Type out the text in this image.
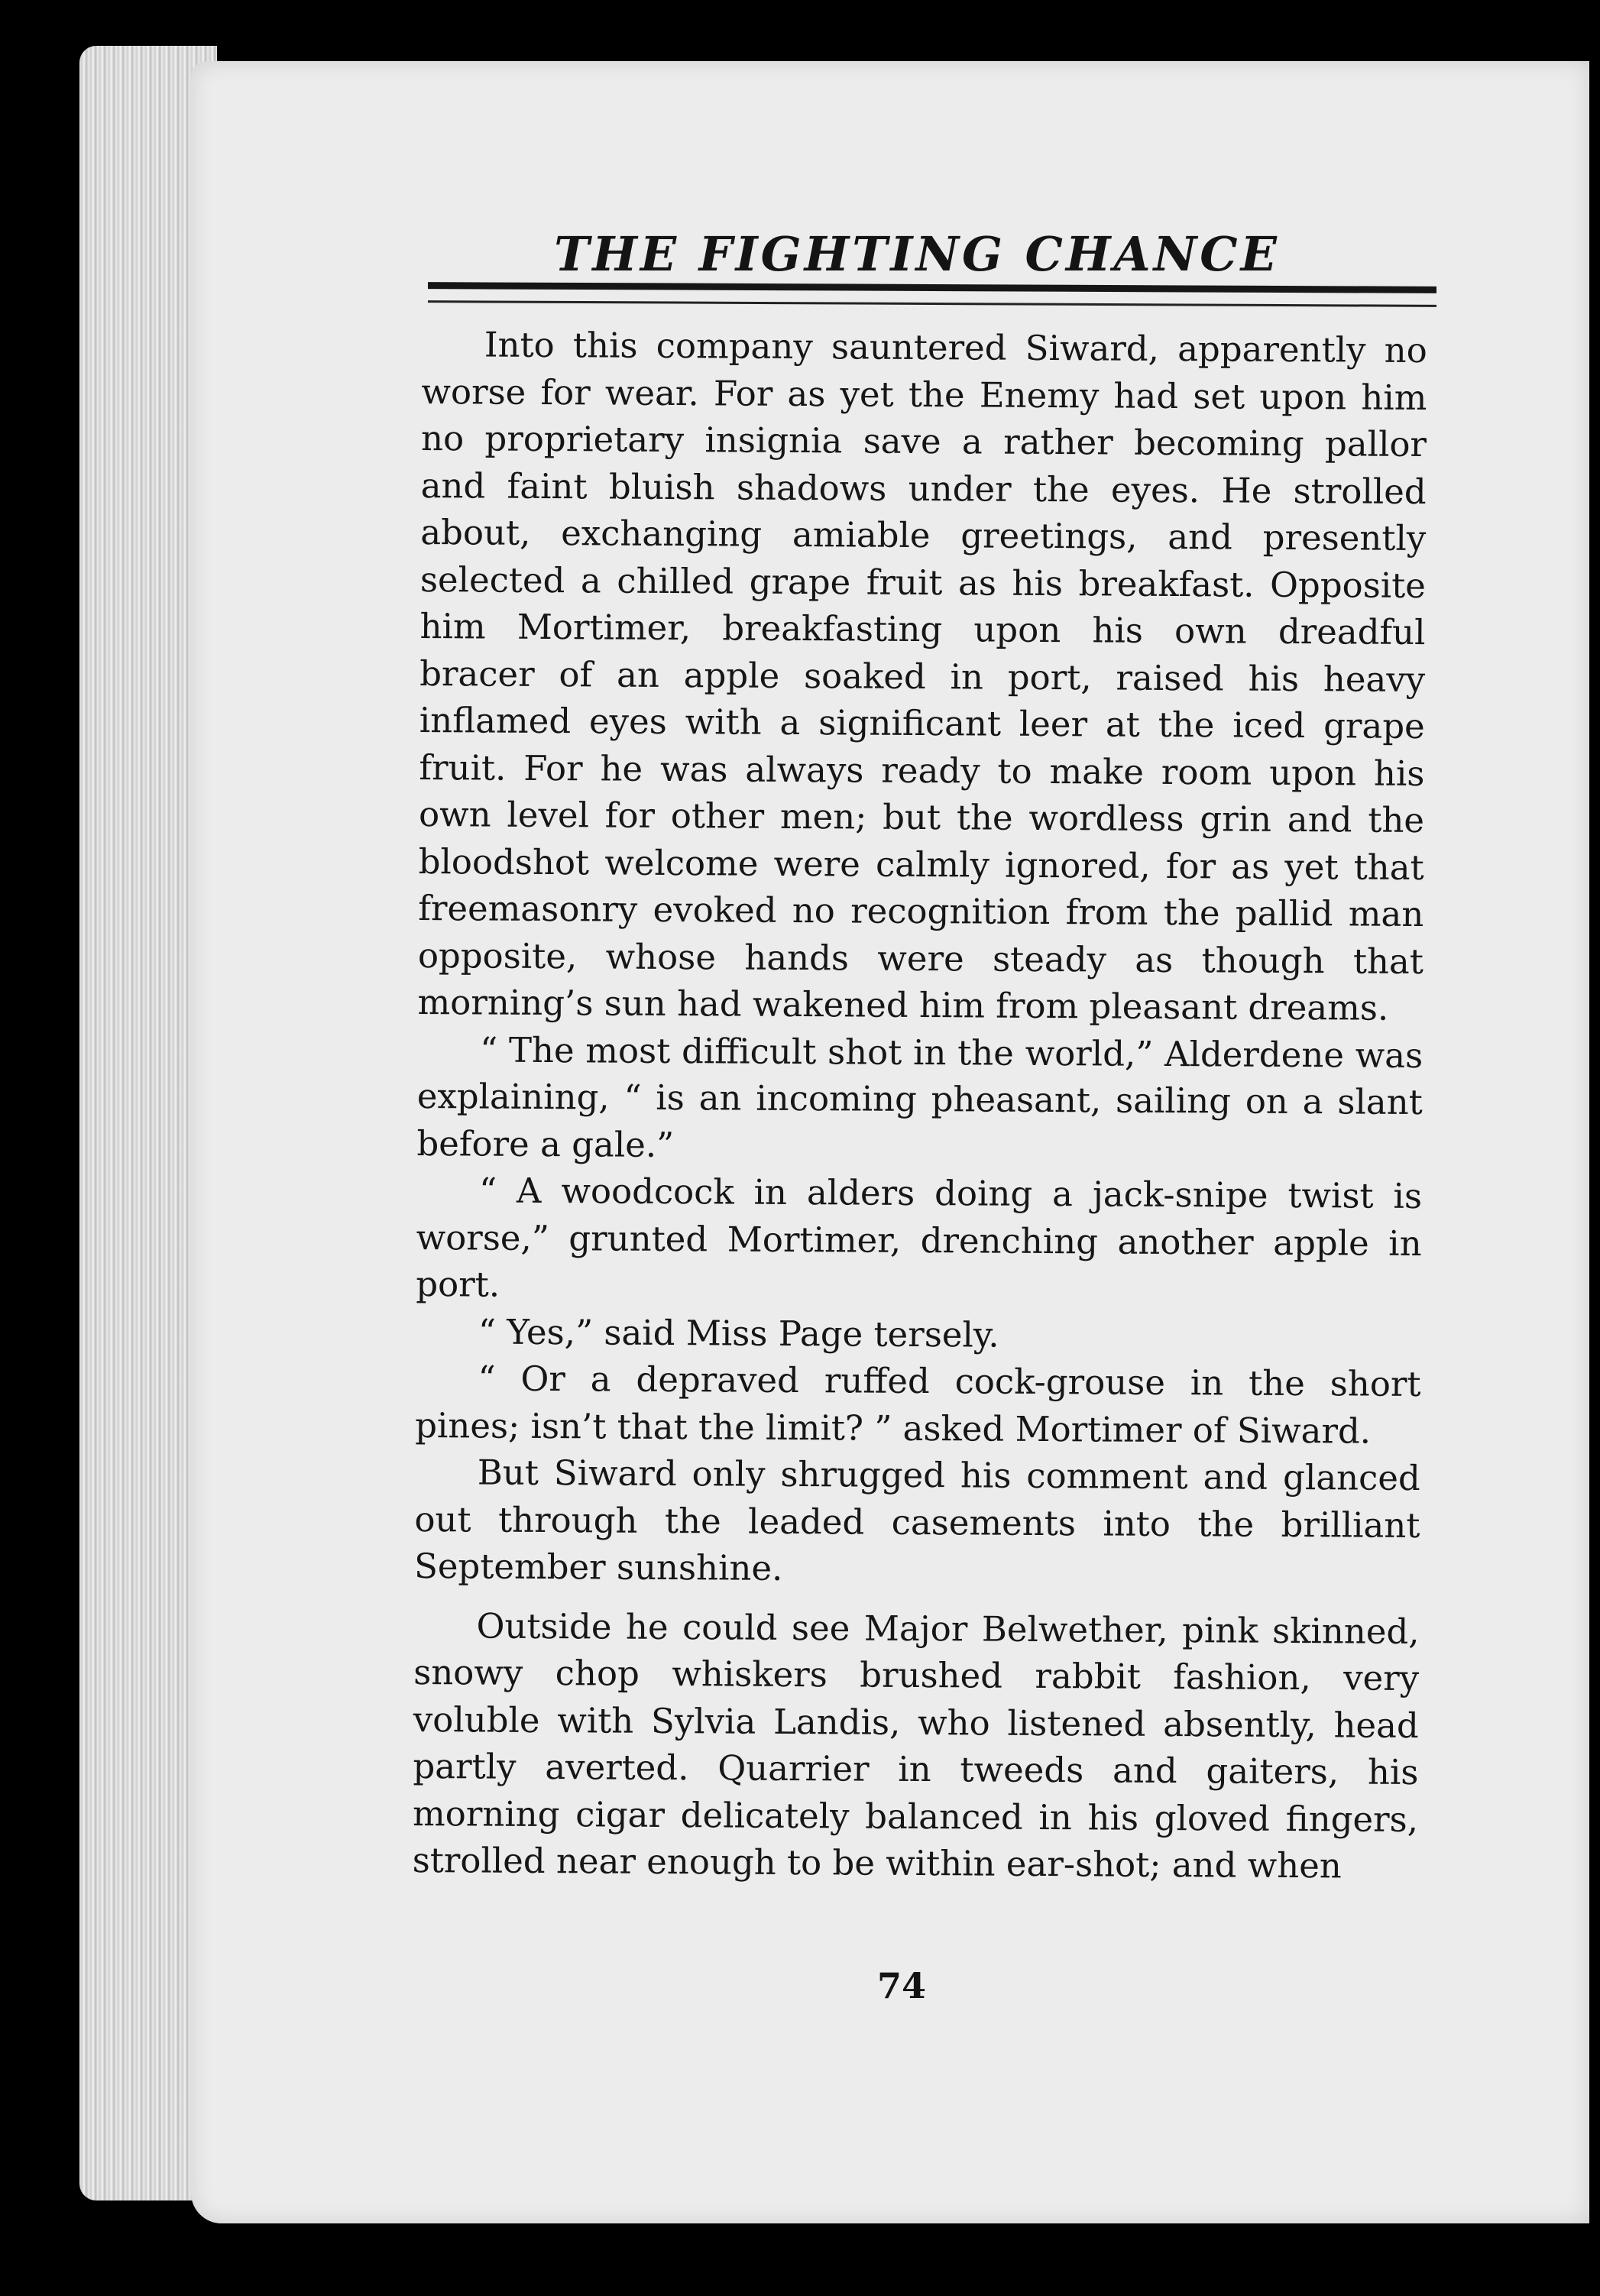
THE FIGHTING CHANCE

Into this company sauntered Siward, apparently no worse for wear. For as yet the Enemy had set upon him no proprietary insignia save a rather becoming pallor and faint bluish shadows under the eyes. He strolled about, exchanging amiable greetings, and presently selected a chilled grape fruit as his breakfast. Opposite him Mortimer, breakfasting upon his own dreadful bracer of an apple soaked in port, raised his heavy inflamed eyes with a significant leer at the iced grape fruit. For he was always ready to make room upon his own level for other men; but the wordless grin and the bloodshot welcome were calmly ignored, for as yet that freemasonry evoked no recognition from the pallid man opposite, whose hands were steady as though that morning’s sun had wakened him from pleasant dreams.

“ The most difficult shot in the world,” Alderdene was explaining, “ is an incoming pheasant, sailing on a slant before a gale.”

“ A woodcock in alders doing a jack-snipe twist is worse,” grunted Mortimer, drenching another apple in port.

“ Yes,” said Miss Page tersely.

“ Or a depraved ruffed cock-grouse in the short pines; isn’t that the limit? ” asked Mortimer of Siward.

But Siward only shrugged his comment and glanced out through the leaded casements into the brilliant September sunshine.

Outside he could see Major Belwether, pink skinned, snowy chop whiskers brushed rabbit fashion, very voluble with Sylvia Landis, who listened absently, head partly averted. Quarrier in tweeds and gaiters, his morning cigar delicately balanced in his gloved fingers, strolled near enough to be within ear-shot; and when

74
